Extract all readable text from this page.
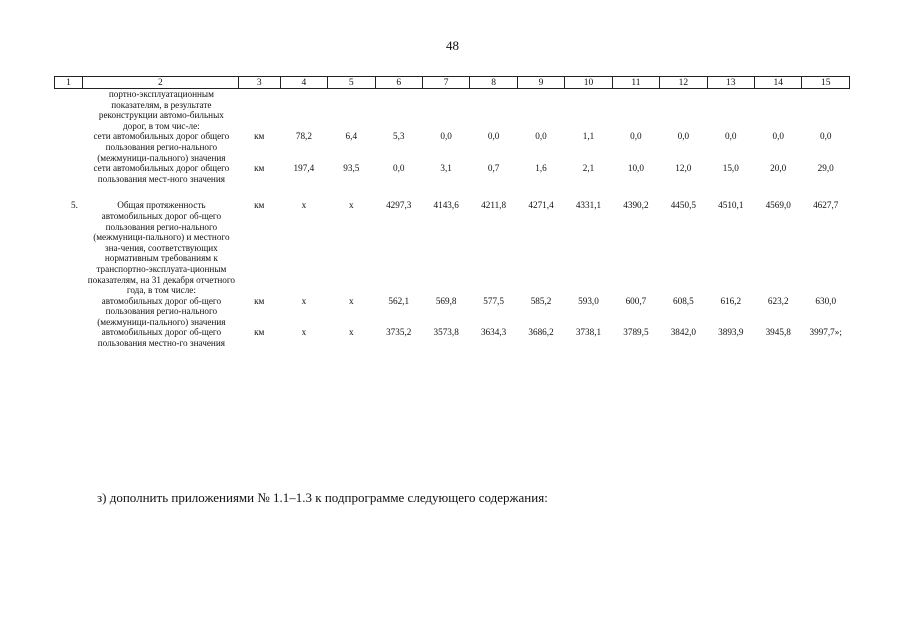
48
1	2	3	4	5	6	7	8	9	10	11	12	13	14	15
	портно-эксплуатационным показателям, в результате реконструкции автомо-бильных дорог, в том чис-ле:													
	сети автомобильных дорог общего пользования регио-нального (межмуници-пального) значения	км	78,2	6,4	5,3	0,0	0,0	0,0	1,1	0,0	0,0	0,0	0,0	0,0
	сети автомобильных дорог общего пользования мест-ного значения	км	197,4	93,5	0,0	3,1	0,7	1,6	2,1	10,0	12,0	15,0	20,0	29,0

5.	Общая протяженность автомобильных дорог об-щего пользования регио-нального (межмуници-пального) и местного зна-чения, соответствующих нормативным требованиям к транспортно-эксплуата-ционным показателям, на 31 декабря отчетного года, в том числе:	км	х	х	4297,3	4143,6	4211,8	4271,4	4331,1	4390,2	4450,5	4510,1	4569,0	4627,7
	автомобильных дорог об-щего пользования регио-нального (межмуници-пального) значения	км	х	х	562,1	569,8	577,5	585,2	593,0	600,7	608,5	616,2	623,2	630,0
	автомобильных дорог об-щего пользования местно-го значения	км	х	х	3735,2	3573,8	3634,3	3686,2	3738,1	3789,5	3842,0	3893,9	3945,8	3997,7»;
з) дополнить приложениями № 1.1–1.3 к подпрограмме следующего содержания:
